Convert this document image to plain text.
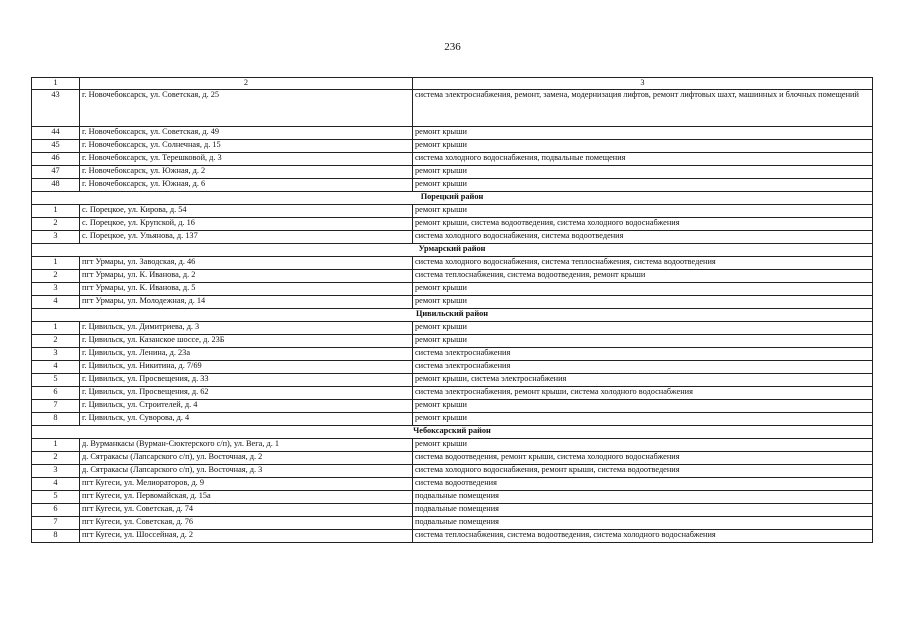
236
1	2	3
43	г. Новочебоксарск, ул. Советская, д. 25	система электроснабжения, ремонт, замена, модернизация лифтов, ремонт лифтовых шахт, машинных и блочных помещений
44	г. Новочебоксарск, ул. Советская, д. 49	ремонт крыши
45	г. Новочебоксарск, ул. Солнечная, д. 15	ремонт крыши
46	г. Новочебоксарск, ул. Терешковой, д. 3	система холодного водоснабжения, подвальные помещения
47	г. Новочебоксарск, ул. Южная, д. 2	ремонт крыши
48	г. Новочебоксарск, ул. Южная, д. 6	ремонт крыши
Порецкий район		
1	с. Порецкое, ул. Кирова, д. 54	ремонт крыши
2	с. Порецкое, ул. Крупской, д. 16	ремонт крыши, система водоотведения, система холодного водоснабжения
3	с. Порецкое, ул. Ульянова, д. 137	система холодного водоснабжения, система водоотведения
Урмарский район		
1	пгт Урмары, ул. Заводская, д. 46	система холодного водоснабжения, система теплоснабжения, система водоотведения
2	пгт Урмары, ул. К. Иванова, д. 2	система теплоснабжения, система водоотведения, ремонт крыши
3	пгт Урмары, ул. К. Иванова, д. 5	ремонт крыши
4	пгт Урмары, ул. Молодежная, д. 14	ремонт крыши
Цивильский район		
1	г. Цивильск, ул. Димитриева, д. 3	ремонт крыши
2	г. Цивильск, ул. Казанское шоссе, д. 23Б	ремонт крыши
3	г. Цивильск, ул. Ленина, д. 23а	система электроснабжения
4	г. Цивильск, ул. Никитина, д. 7/69	система электроснабжения
5	г. Цивильск, ул. Просвещения, д. 33	ремонт крыши, система электроснабжения
6	г. Цивильск, ул. Просвещения, д. 62	система электроснабжения, ремонт крыши, система холодного водоснабжения
7	г. Цивильск, ул. Строителей, д. 4	ремонт крыши
8	г. Цивильск, ул. Суворова, д. 4	ремонт крыши
Чебоксарский район		
1	д. Вурманкасы (Вурман-Сюктерского с/п), ул. Вега, д. 1	ремонт крыши
2	д. Сятракасы (Лапсарского с/п), ул. Восточная, д. 2	система водоотведения, ремонт крыши, система холодного водоснабжения
3	д. Сятракасы (Лапсарского с/п), ул. Восточная, д. 3	система холодного водоснабжения, ремонт крыши, система водоотведения
4	пгт Кугеси, ул. Мелиораторов, д. 9	система водоотведения
5	пгт Кугеси, ул. Первомайская, д. 15а	подвальные помещения
6	пгт Кугеси, ул. Советская, д. 74	подвальные помещения
7	пгт Кугеси, ул. Советская, д. 76	подвальные помещения
8	пгт Кугеси, ул. Шоссейная, д. 2	система теплоснабжения, система водоотведения, система холодного водоснабжения
